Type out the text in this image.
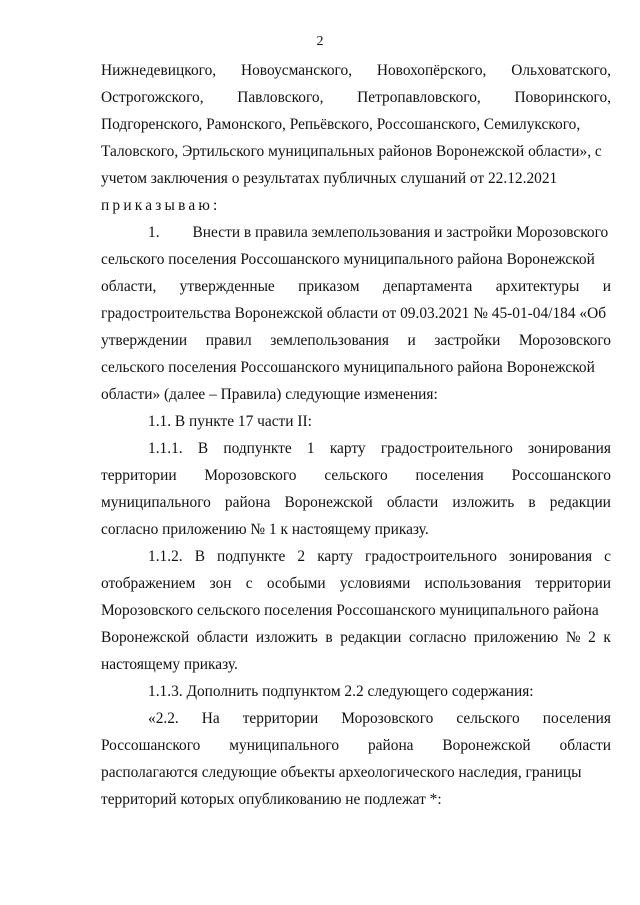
2
Нижнедевицкого, Новоусманского, Новохопёрского, Ольховатского,
Острогожского, Павловского, Петропавловского, Поворинского,
Подгоренского, Рамонского, Репьёвского, Россошанского, Семилукского,
Таловского, Эртильского муниципальных районов Воронежской области», с
учетом заключения о результатах публичных слушаний от 22.12.2021
приказываю:
1. Внести в правила землепользования и застройки Морозовского
сельского поселения Россошанского муниципального района Воронежской
области, утвержденные приказом департамента архитектуры и
градостроительства Воронежской области от 09.03.2021 № 45-01-04/184 «Об
утверждении правил землепользования и застройки Морозовского
сельского поселения Россошанского муниципального района Воронежской
области» (далее – Правила) следующие изменения:
1.1. В пункте 17 части II:
1.1.1. В подпункте 1 карту градостроительного зонирования
территории Морозовского сельского поселения Россошанского
муниципального района Воронежской области изложить в редакции
согласно приложению № 1 к настоящему приказу.
1.1.2. В подпункте 2 карту градостроительного зонирования с
отображением зон с особыми условиями использования территории
Морозовского сельского поселения Россошанского муниципального района
Воронежской области изложить в редакции согласно приложению № 2 к
настоящему приказу.
1.1.3. Дополнить подпунктом 2.2 следующего содержания:
«2.2. На территории Морозовского сельского поселения
Россошанского муниципального района Воронежской области
располагаются следующие объекты археологического наследия, границы
территорий которых опубликованию не подлежат *:
